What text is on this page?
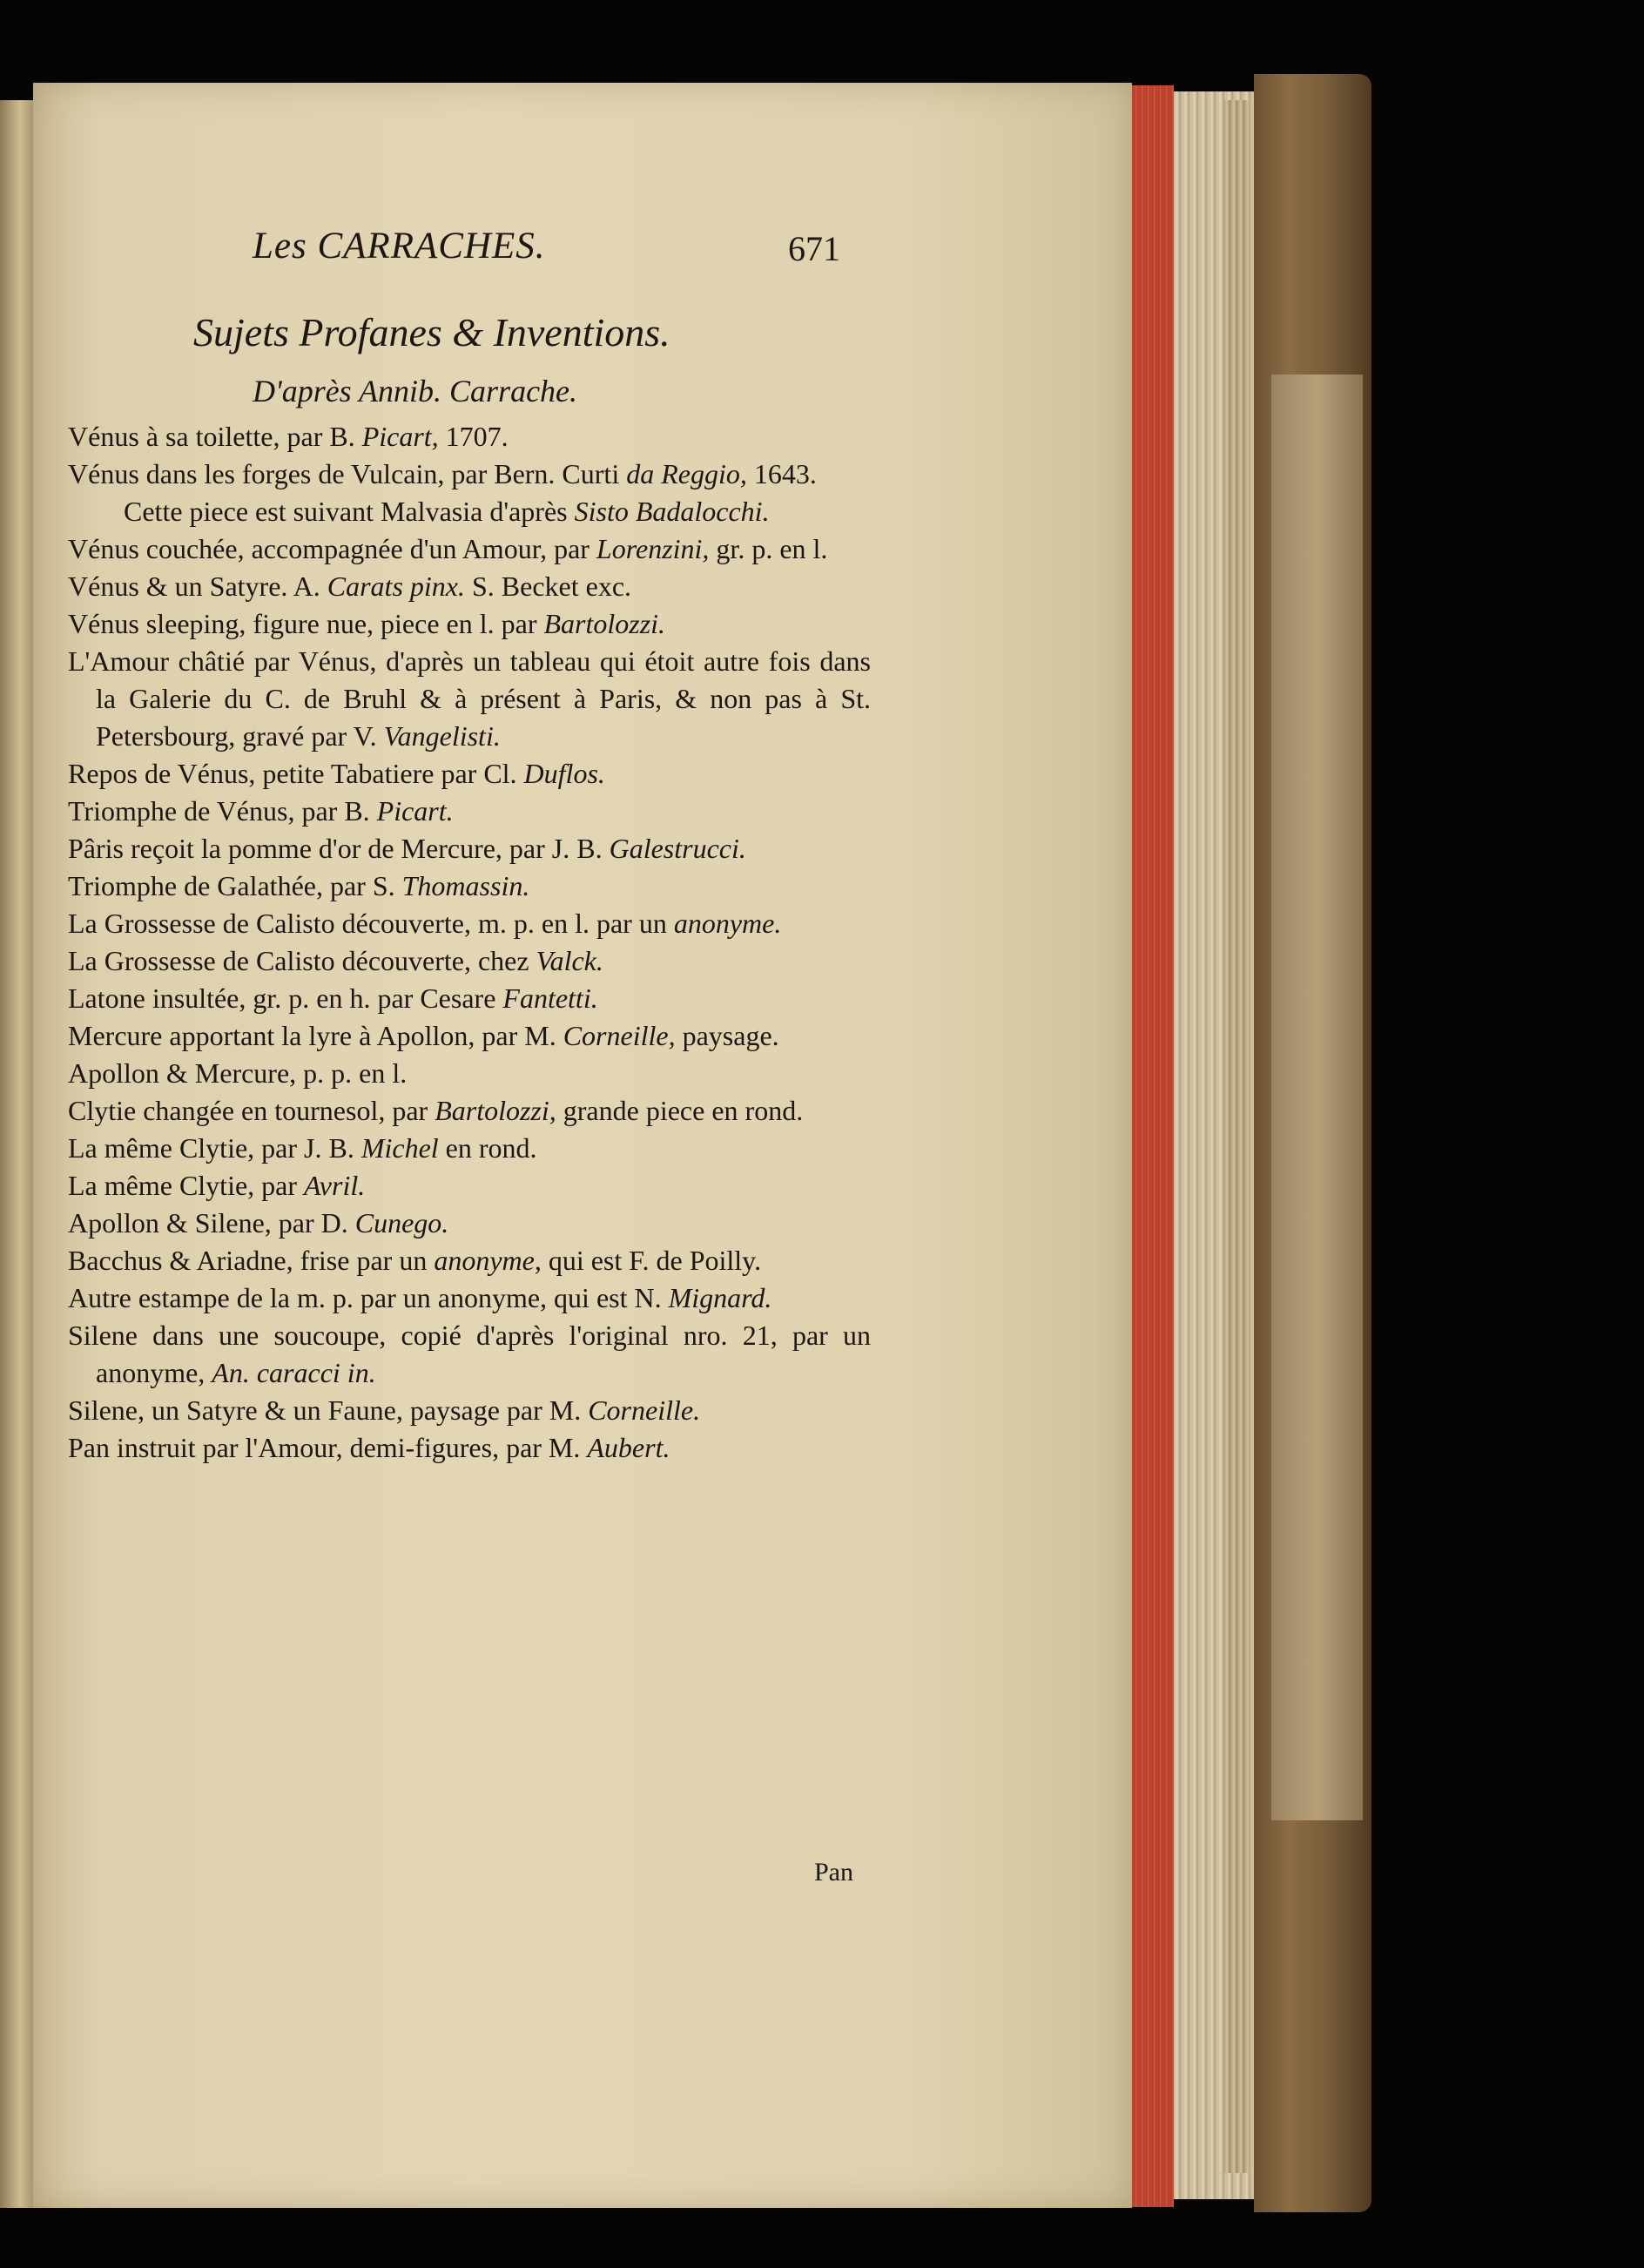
Les CARRACHES.	671
Sujets Profanes & Inventions.
D'après Annib. Carrache.

Vénus à sa toilette, par B. Picart, 1707.

Vénus dans les forges de Vulcain, par Bern. Curti da Reggio, 1643.

Cette piece est suivant Malvasia d'après Sisto Badalocchi.

Vénus couchée, accompagnée d'un Amour, par Lorenzini, gr. p. en l.

Vénus & un Satyre. A. Carats pinx. S. Becket exc.

Vénus sleeping, figure nue, piece en l. par Bartolozzi.

L'Amour châtié par Vénus, d'après un tableau qui étoit autre fois dans la Galerie du C. de Bruhl & à présent à Paris, & non pas à St. Petersbourg, gravé par V. Vangelisti.

Repos de Vénus, petite Tabatiere par Cl. Duflos.

Triomphe de Vénus, par B. Picart.

Pâris reçoit la pomme d'or de Mercure, par J. B. Galestrucci.

Triomphe de Galathée, par S. Thomassin.

La Grossesse de Calisto découverte, m. p. en l. par un anonyme.

La Grossesse de Calisto découverte, chez Valck.

Latone insultée, gr. p. en h. par Cesare Fantetti.

Mercure apportant la lyre à Apollon, par M. Corneille, paysage.

Apollon & Mercure, p. p. en l.

Clytie changée en tournesol, par Bartolozzi, grande piece en rond.

La même Clytie, par J. B. Michel en rond.

La même Clytie, par Avril.

Apollon & Silene, par D. Cunego.

Bacchus & Ariadne, frise par un anonyme, qui est F. de Poilly.

Autre estampe de la m. p. par un anonyme, qui est N. Mignard.

Silene dans une soucoupe, copié d'après l'original nro. 21, par un anonyme, An. caracci in.

Silene, un Satyre & un Faune, paysage par M. Corneille.

Pan instruit par l'Amour, demi-figures, par M. Aubert.

Pan
